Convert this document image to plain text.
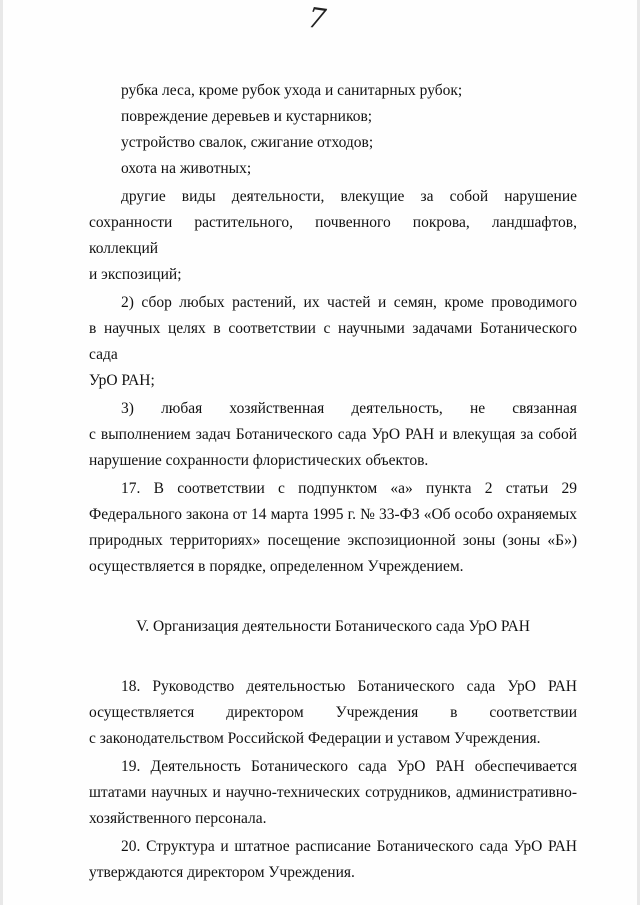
7
рубка леса, кроме рубок ухода и санитарных рубок;
повреждение деревьев и кустарников;
устройство свалок, сжигание отходов;
охота на животных;
другие виды деятельности, влекущие за собой нарушение
сохранности растительного, почвенного покрова, ландшафтов, коллекций
и экспозиций;
2) сбор любых растений, их частей и семян, кроме проводимого
в научных целях в соответствии с научными задачами Ботанического сада
УрО РАН;
3) любая хозяйственная деятельность, не связанная
с выполнением задач Ботанического сада УрО РАН и влекущая за собой
нарушение сохранности флористических объектов.
17. В соответствии с подпунктом «а» пункта 2 статьи 29
Федерального закона от 14 марта 1995 г. № 33-ФЗ «Об особо охраняемых
природных территориях» посещение экспозиционной зоны (зоны «Б»)
осуществляется в порядке, определенном Учреждением.
V. Организация деятельности Ботанического сада УрО РАН
18. Руководство деятельностью Ботанического сада УрО РАН
осуществляется директором Учреждения в соответствии
с законодательством Российской Федерации и уставом Учреждения.
19. Деятельность Ботанического сада УрО РАН обеспечивается
штатами научных и научно-технических сотрудников, административно-
хозяйственного персонала.
20. Структура и штатное расписание Ботанического сада УрО РАН
утверждаются директором Учреждения.
